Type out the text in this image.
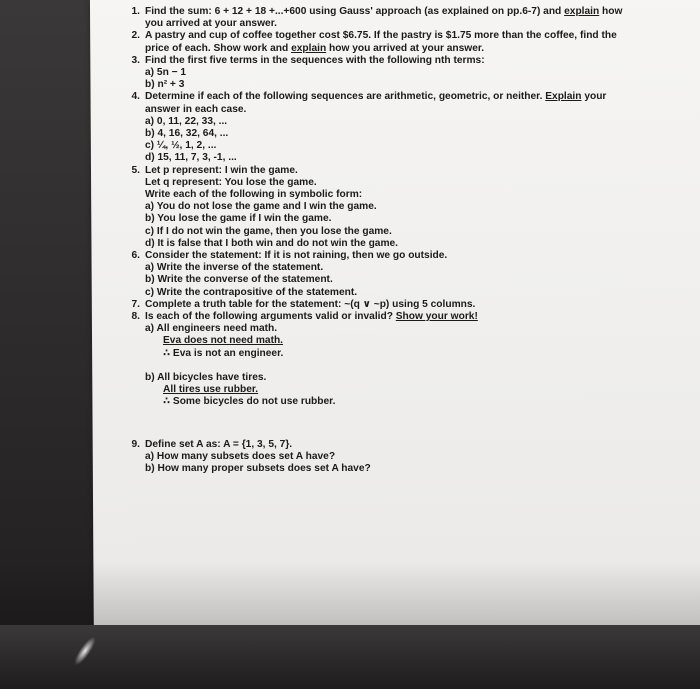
1. Find the sum: 6 + 12 + 18 +...+600 using Gauss' approach (as explained on pp.6-7) and explain how
you arrived at your answer.
2. A pastry and cup of coffee together cost $6.75. If the pastry is $1.75 more than the coffee, find the
price of each. Show work and explain how you arrived at your answer.
3. Find the first five terms in the sequences with the following nth terms:
a) 5n − 1
b) n² + 3
4. Determine if each of the following sequences are arithmetic, geometric, or neither. Explain your
answer in each case.
a) 0, 11, 22, 33, ...
b) 4, 16, 32, 64, ...
c) ¼, ½, 1, 2, ...
d) 15, 11, 7, 3, -1, ...
5. Let p represent: I win the game.
Let q represent: You lose the game.
Write each of the following in symbolic form:
a) You do not lose the game and I win the game.
b) You lose the game if I win the game.
c) If I do not win the game, then you lose the game.
d) It is false that I both win and do not win the game.
6. Consider the statement: If it is not raining, then we go outside.
a) Write the inverse of the statement.
b) Write the converse of the statement.
c) Write the contrapositive of the statement.
7. Complete a truth table for the statement: ~(q ∨ ~p) using 5 columns.
8. Is each of the following arguments valid or invalid? Show your work!
a) All engineers need math.
Eva does not need math.
∴ Eva is not an engineer.
b) All bicycles have tires.
All tires use rubber.
∴ Some bicycles do not use rubber.
9. Define set A as: A = {1, 3, 5, 7}.
a) How many subsets does set A have?
b) How many proper subsets does set A have?
